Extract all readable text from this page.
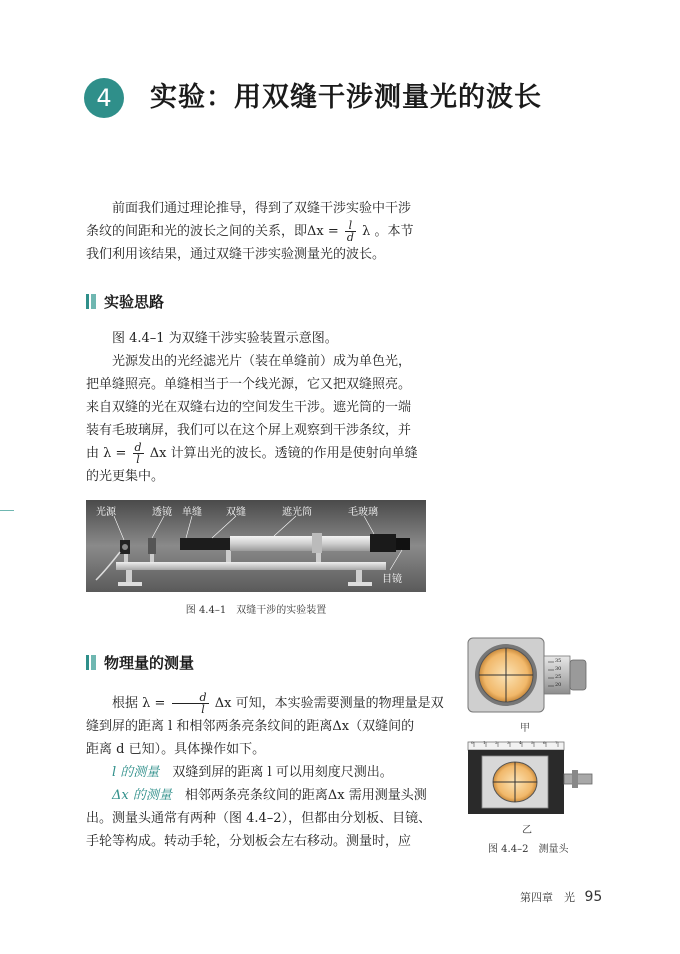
4	实验：用双缝干涉测量光的波长
前面我们通过理论推导，得到了双缝干涉实验中干涉
条纹的间距和光的波长之间的关系，即$\Delta x = \frac{l}{d}$ λ 。本节
我们利用该结果，通过双缝干涉实验测量光的波长。
实验思路
图 4.4–1 为双缝干涉实验装置示意图。
光源发出的光经滤光片（装在单缝前）成为单色光，
把单缝照亮。单缝相当于一个线光源，它又把双缝照亮。
来自双缝的光在双缝右边的空间发生干涉。遮光筒的一端
装有毛玻璃屏，我们可以在这个屏上观察到干涉条纹，并
由 $\lambda = \frac{d}{l}$ Δx 计算出光的波长。透镜的作用是使射向单缝
的光更集中。
光源	透镜 单缝 双缝	遮光筒	毛玻璃
目镜
图 4.4–1　双缝干涉的实验装置
物理量的测量
根据 $\lambda = \frac{d}{l}$ Δx 可知，本实验需要测量的物理量是双
缝到屏的距离 l 和相邻两条亮条纹间的距离Δx（双缝间的
距离 d 已知）。具体操作如下。
l 的测量　 双缝到屏的距离 l 可以用刻度尺测出。
Δx 的测量　 相邻两条亮条纹间的距离Δx 需用测量头测
出。测量头通常有两种（图 4.4–2），但都由分划板、目镜、
手轮等构成。转动手轮，分划板会左右移动。测量时，应
35
30
25
20
甲
0 1 2 3 4 5 6 7
乙
图 4.4–2　测量头
第四章　光 95
